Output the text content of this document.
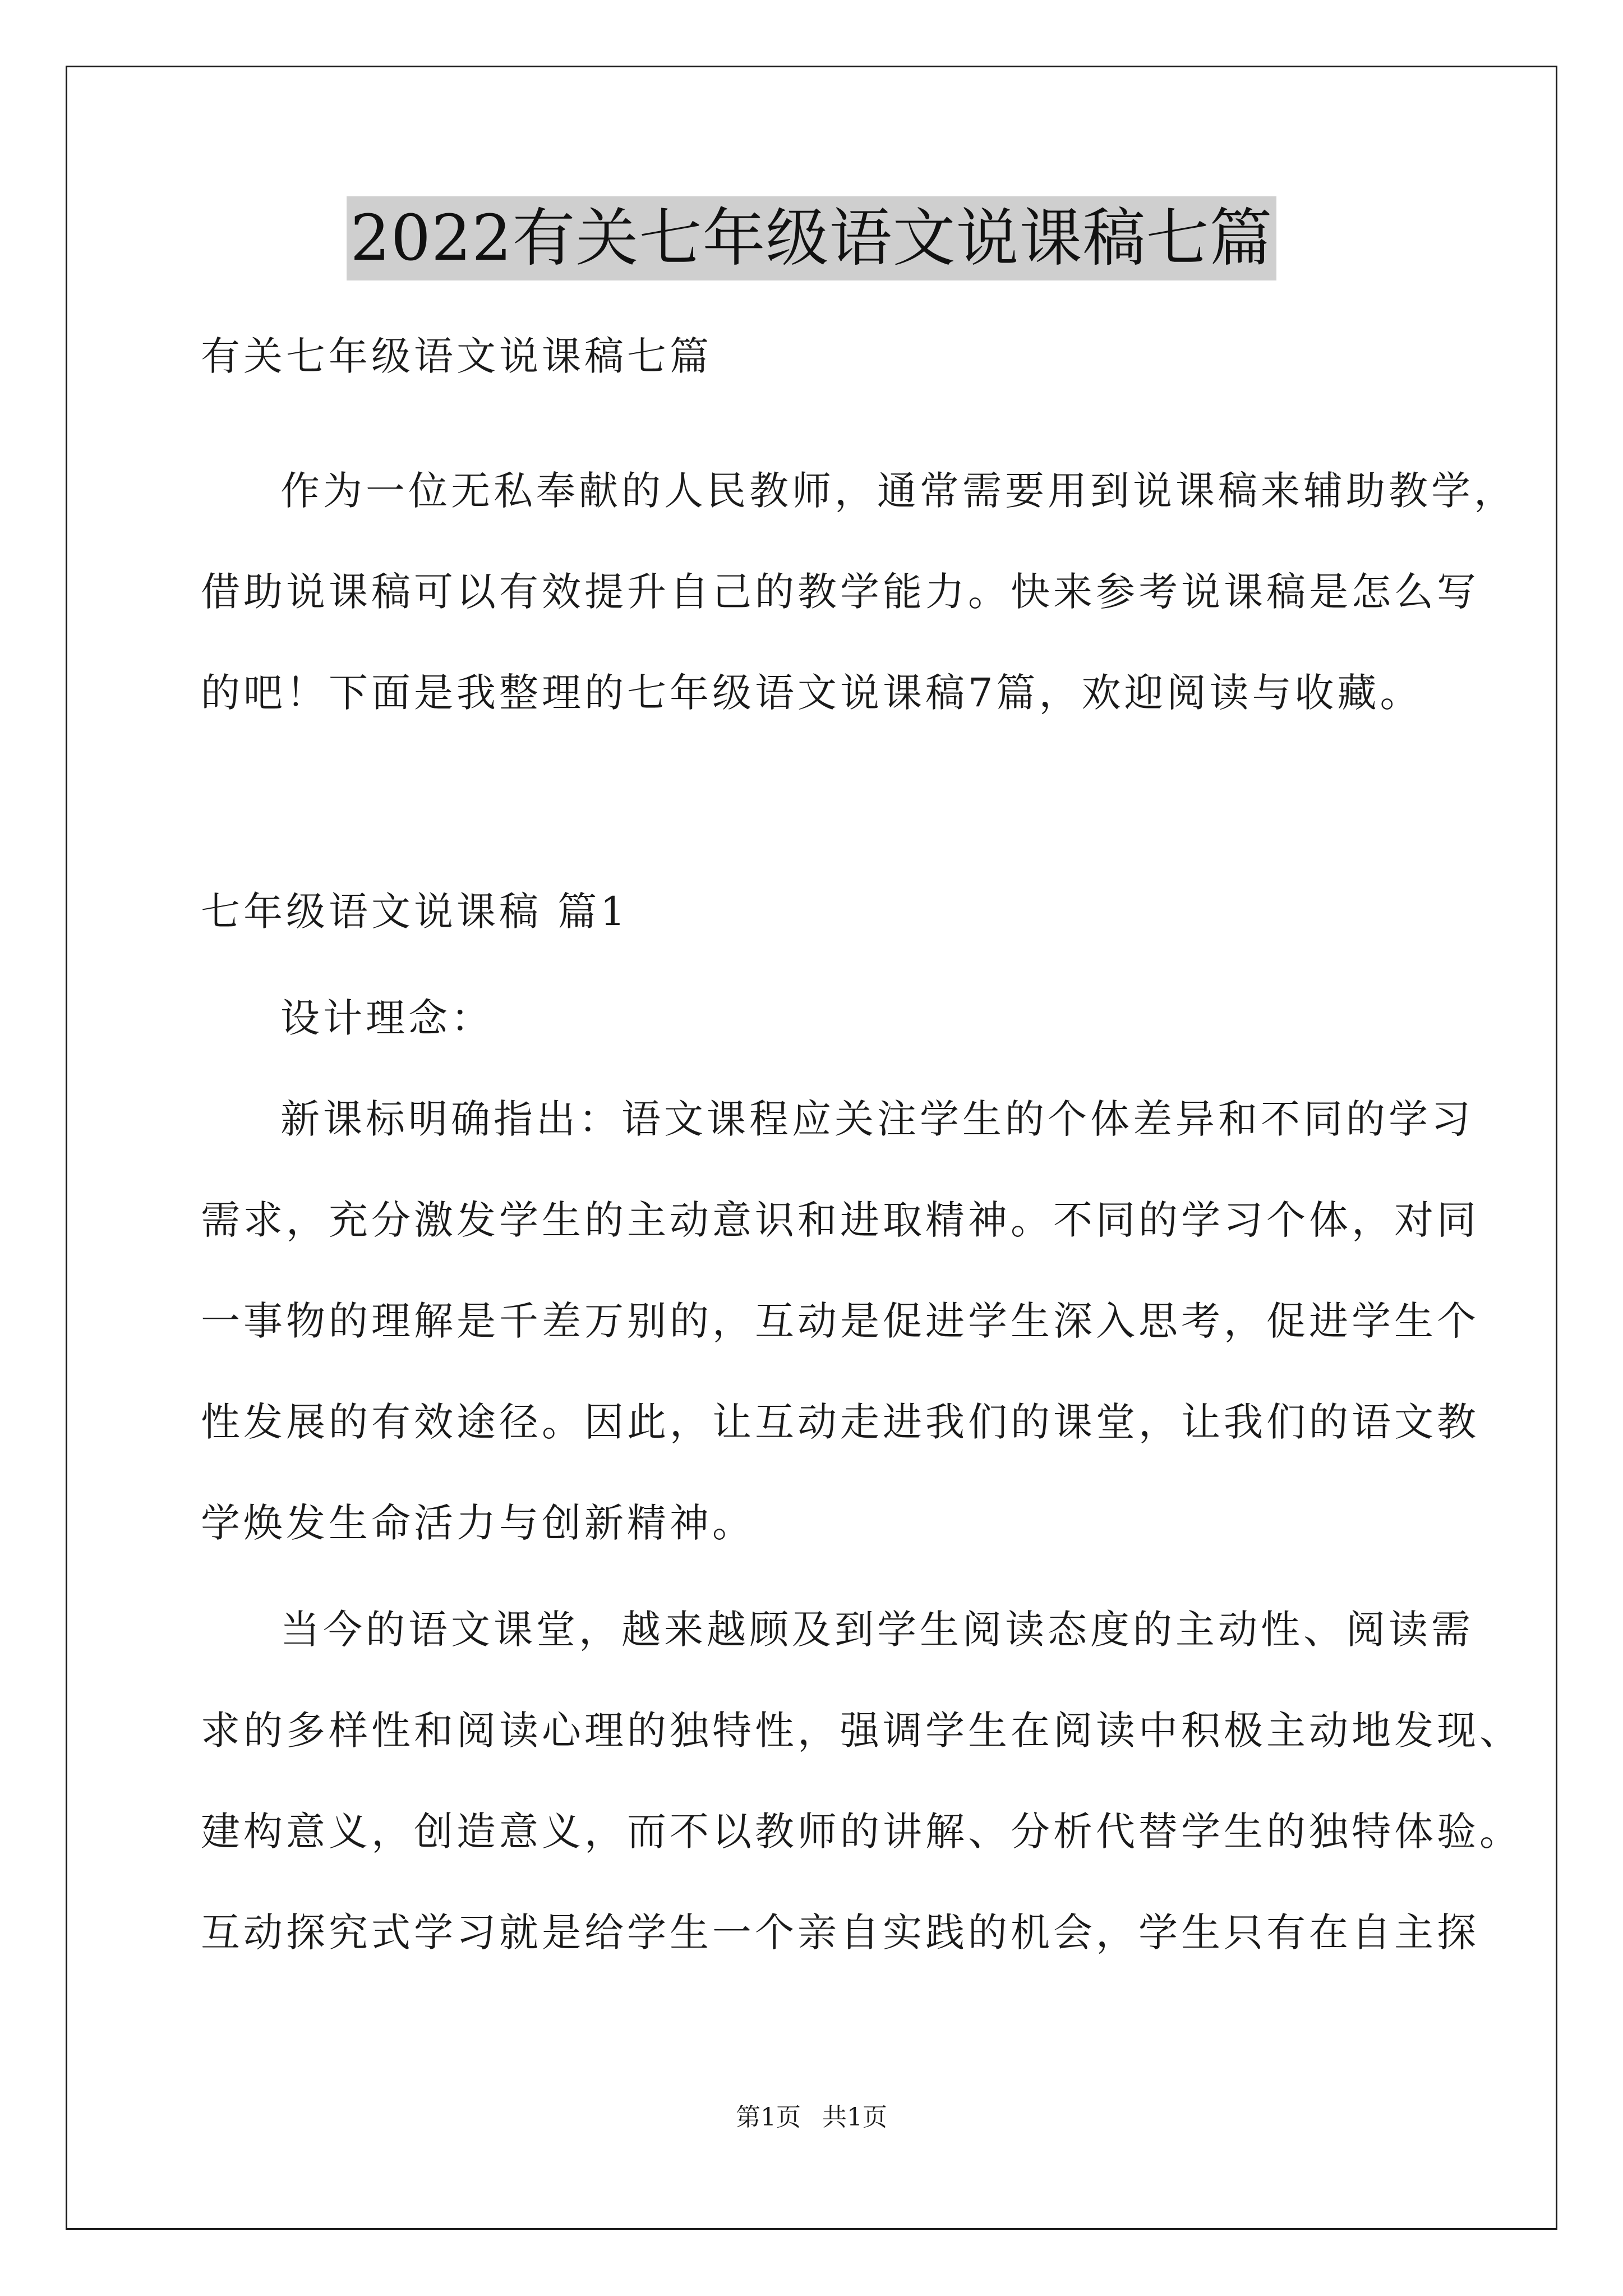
2022有关七年级语文说课稿七篇

有关七年级语文说课稿七篇

作为一位无私奉献的人民教师，通常需要用到说课稿来辅助教学，

借助说课稿可以有效提升自己的教学能力。快来参考说课稿是怎么写

的吧！下面是我整理的七年级语文说课稿7篇，欢迎阅读与收藏。

七年级语文说课稿 篇1

设计理念：

新课标明确指出：语文课程应关注学生的个体差异和不同的学习

需求，充分激发学生的主动意识和进取精神。不同的学习个体，对同

一事物的理解是千差万别的，互动是促进学生深入思考，促进学生个

性发展的有效途径。因此，让互动走进我们的课堂，让我们的语文教

学焕发生命活力与创新精神。

当今的语文课堂，越来越顾及到学生阅读态度的主动性、阅读需

求的多样性和阅读心理的独特性，强调学生在阅读中积极主动地发现、

建构意义，创造意义，而不以教师的讲解、分析代替学生的独特体验。

互动探究式学习就是给学生一个亲自实践的机会，学生只有在自主探

第1页 共1页
